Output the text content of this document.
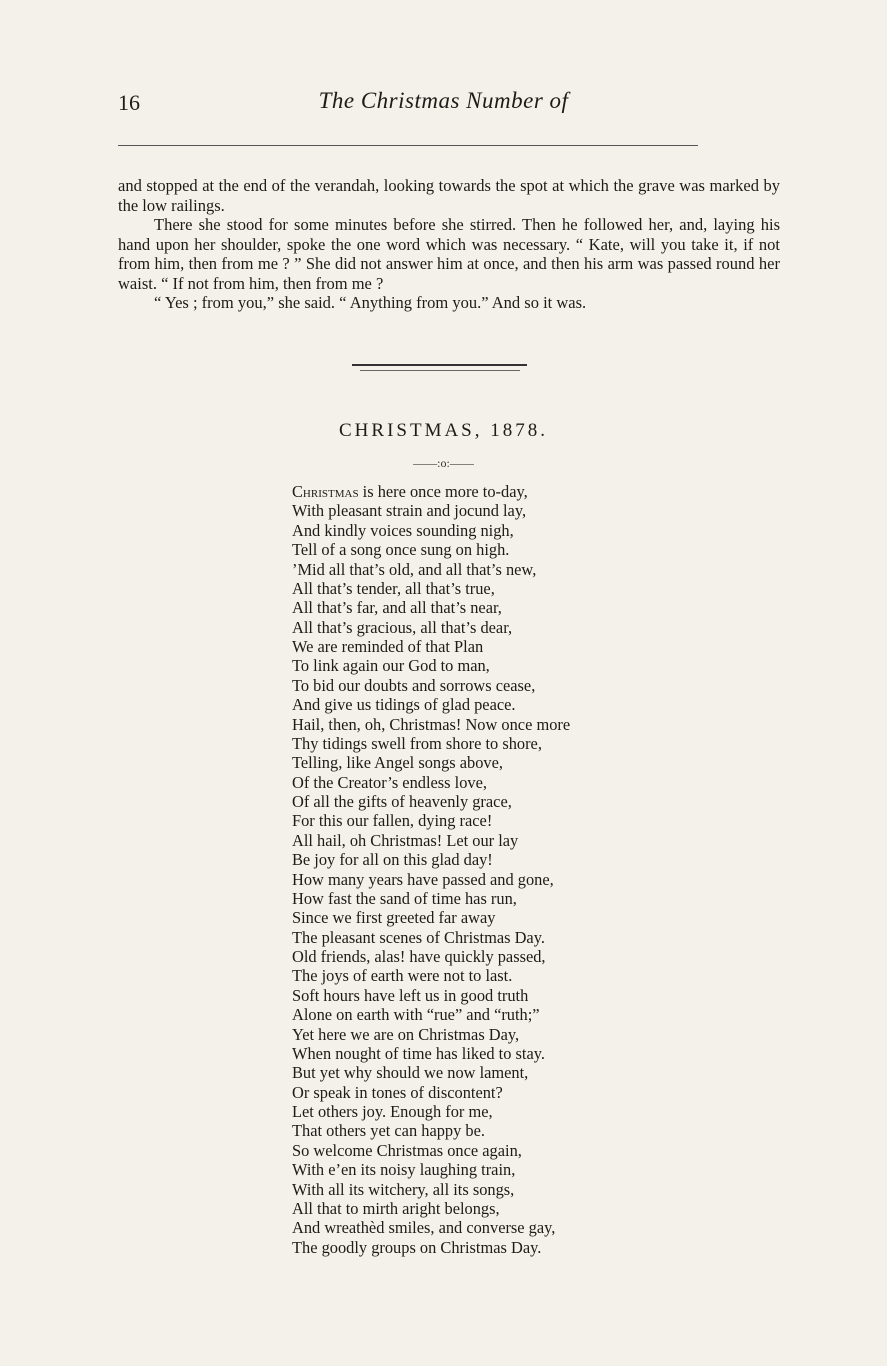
16	The Christmas Number of

and stopped at the end of the verandah, looking towards the spot at which the grave was marked by the low railings.

There she stood for some minutes before she stirred. Then he followed her, and, laying his hand upon her shoulder, spoke the one word which was necessary. “ Kate, will you take it, if not from him, then from me ? ” She did not answer him at once, and then his arm was passed round her waist. “ If not from him, then from me ?

“ Yes ; from you,” she said. “ Anything from you.” And so it was.

CHRISTMAS, 1878.
——:o:——
Christmas is here once more to-day,
With pleasant strain and jocund lay,
And kindly voices sounding nigh,
Tell of a song once sung on high.
’Mid all that’s old, and all that’s new,
All that’s tender, all that’s true,
All that’s far, and all that’s near,
All that’s gracious, all that’s dear,
We are reminded of that Plan
To link again our God to man,
To bid our doubts and sorrows cease,
And give us tidings of glad peace.
Hail, then, oh, Christmas! Now once more
Thy tidings swell from shore to shore,
Telling, like Angel songs above,
Of the Creator’s endless love,
Of all the gifts of heavenly grace,
For this our fallen, dying race!
All hail, oh Christmas! Let our lay
Be joy for all on this glad day!
How many years have passed and gone,
How fast the sand of time has run,
Since we first greeted far away
The pleasant scenes of Christmas Day.
Old friends, alas! have quickly passed,
The joys of earth were not to last.
Soft hours have left us in good truth
Alone on earth with “rue” and “ruth;”
Yet here we are on Christmas Day,
When nought of time has liked to stay.
But yet why should we now lament,
Or speak in tones of discontent?
Let others joy. Enough for me,
That others yet can happy be.
So welcome Christmas once again,
With e’en its noisy laughing train,
With all its witchery, all its songs,
All that to mirth aright belongs,
And wreathèd smiles, and converse gay,
The goodly groups on Christmas Day.
